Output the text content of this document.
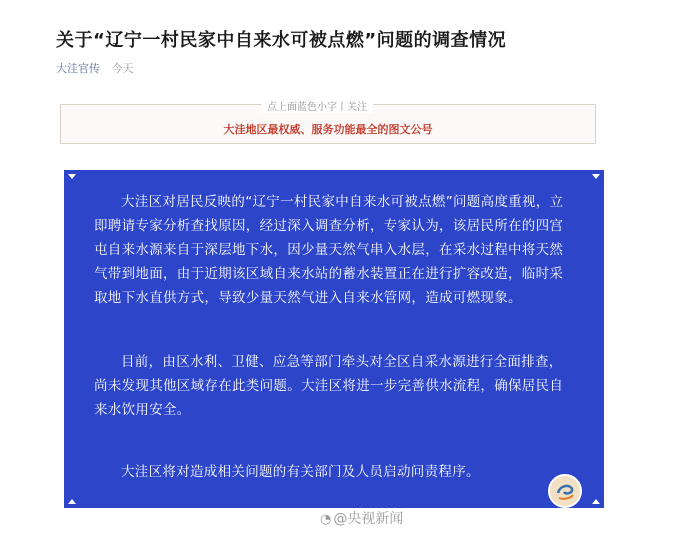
关于“辽宁一村民家中自来水可被点燃”问题的调查情况
大洼官传 今天
点上面蓝色小字丨关注
大洼地区最权威、服务功能最全的图文公号

大洼区对居民反映的“辽宁一村民家中自来水可被点燃”问题高度重视，立即聘请专家分析查找原因，经过深入调查分析，专家认为，该居民所在的四宫屯自来水源来自于深层地下水，因少量天然气串入水层，在采水过程中将天然气带到地面，由于近期该区域自来水站的蓄水装置正在进行扩容改造，临时采取地下水直供方式，导致少量天然气进入自来水管网，造成可燃现象。

目前，由区水利、卫健、应急等部门牵头对全区自采水源进行全面排查，尚未发现其他区域存在此类问题。大洼区将进一步完善供水流程，确保居民自来水饮用安全。

大洼区将对造成相关问题的有关部门及人员启动问责程序。

◔ @央视新闻
